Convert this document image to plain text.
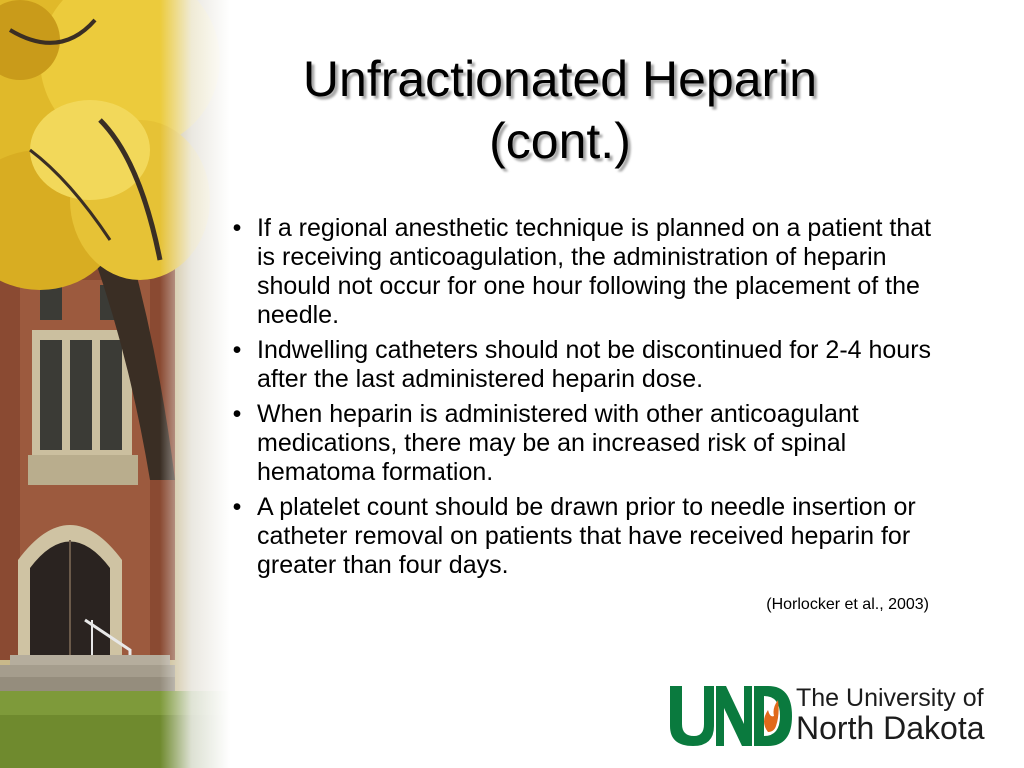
Unfractionated Heparin (cont.)
• If a regional anesthetic technique is planned on a patient that is receiving anticoagulation, the administration of heparin should not occur for one hour following the placement of the needle.
• Indwelling catheters should not be discontinued for 2-4 hours after the last administered heparin dose.
• When heparin is administered with other anticoagulant medications, there may be an increased risk of spinal hematoma formation.
• A platelet count should be drawn prior to needle insertion or catheter removal on patients that have received heparin for greater than four days.
(Horlocker et al., 2003)
The University of
North Dakota
